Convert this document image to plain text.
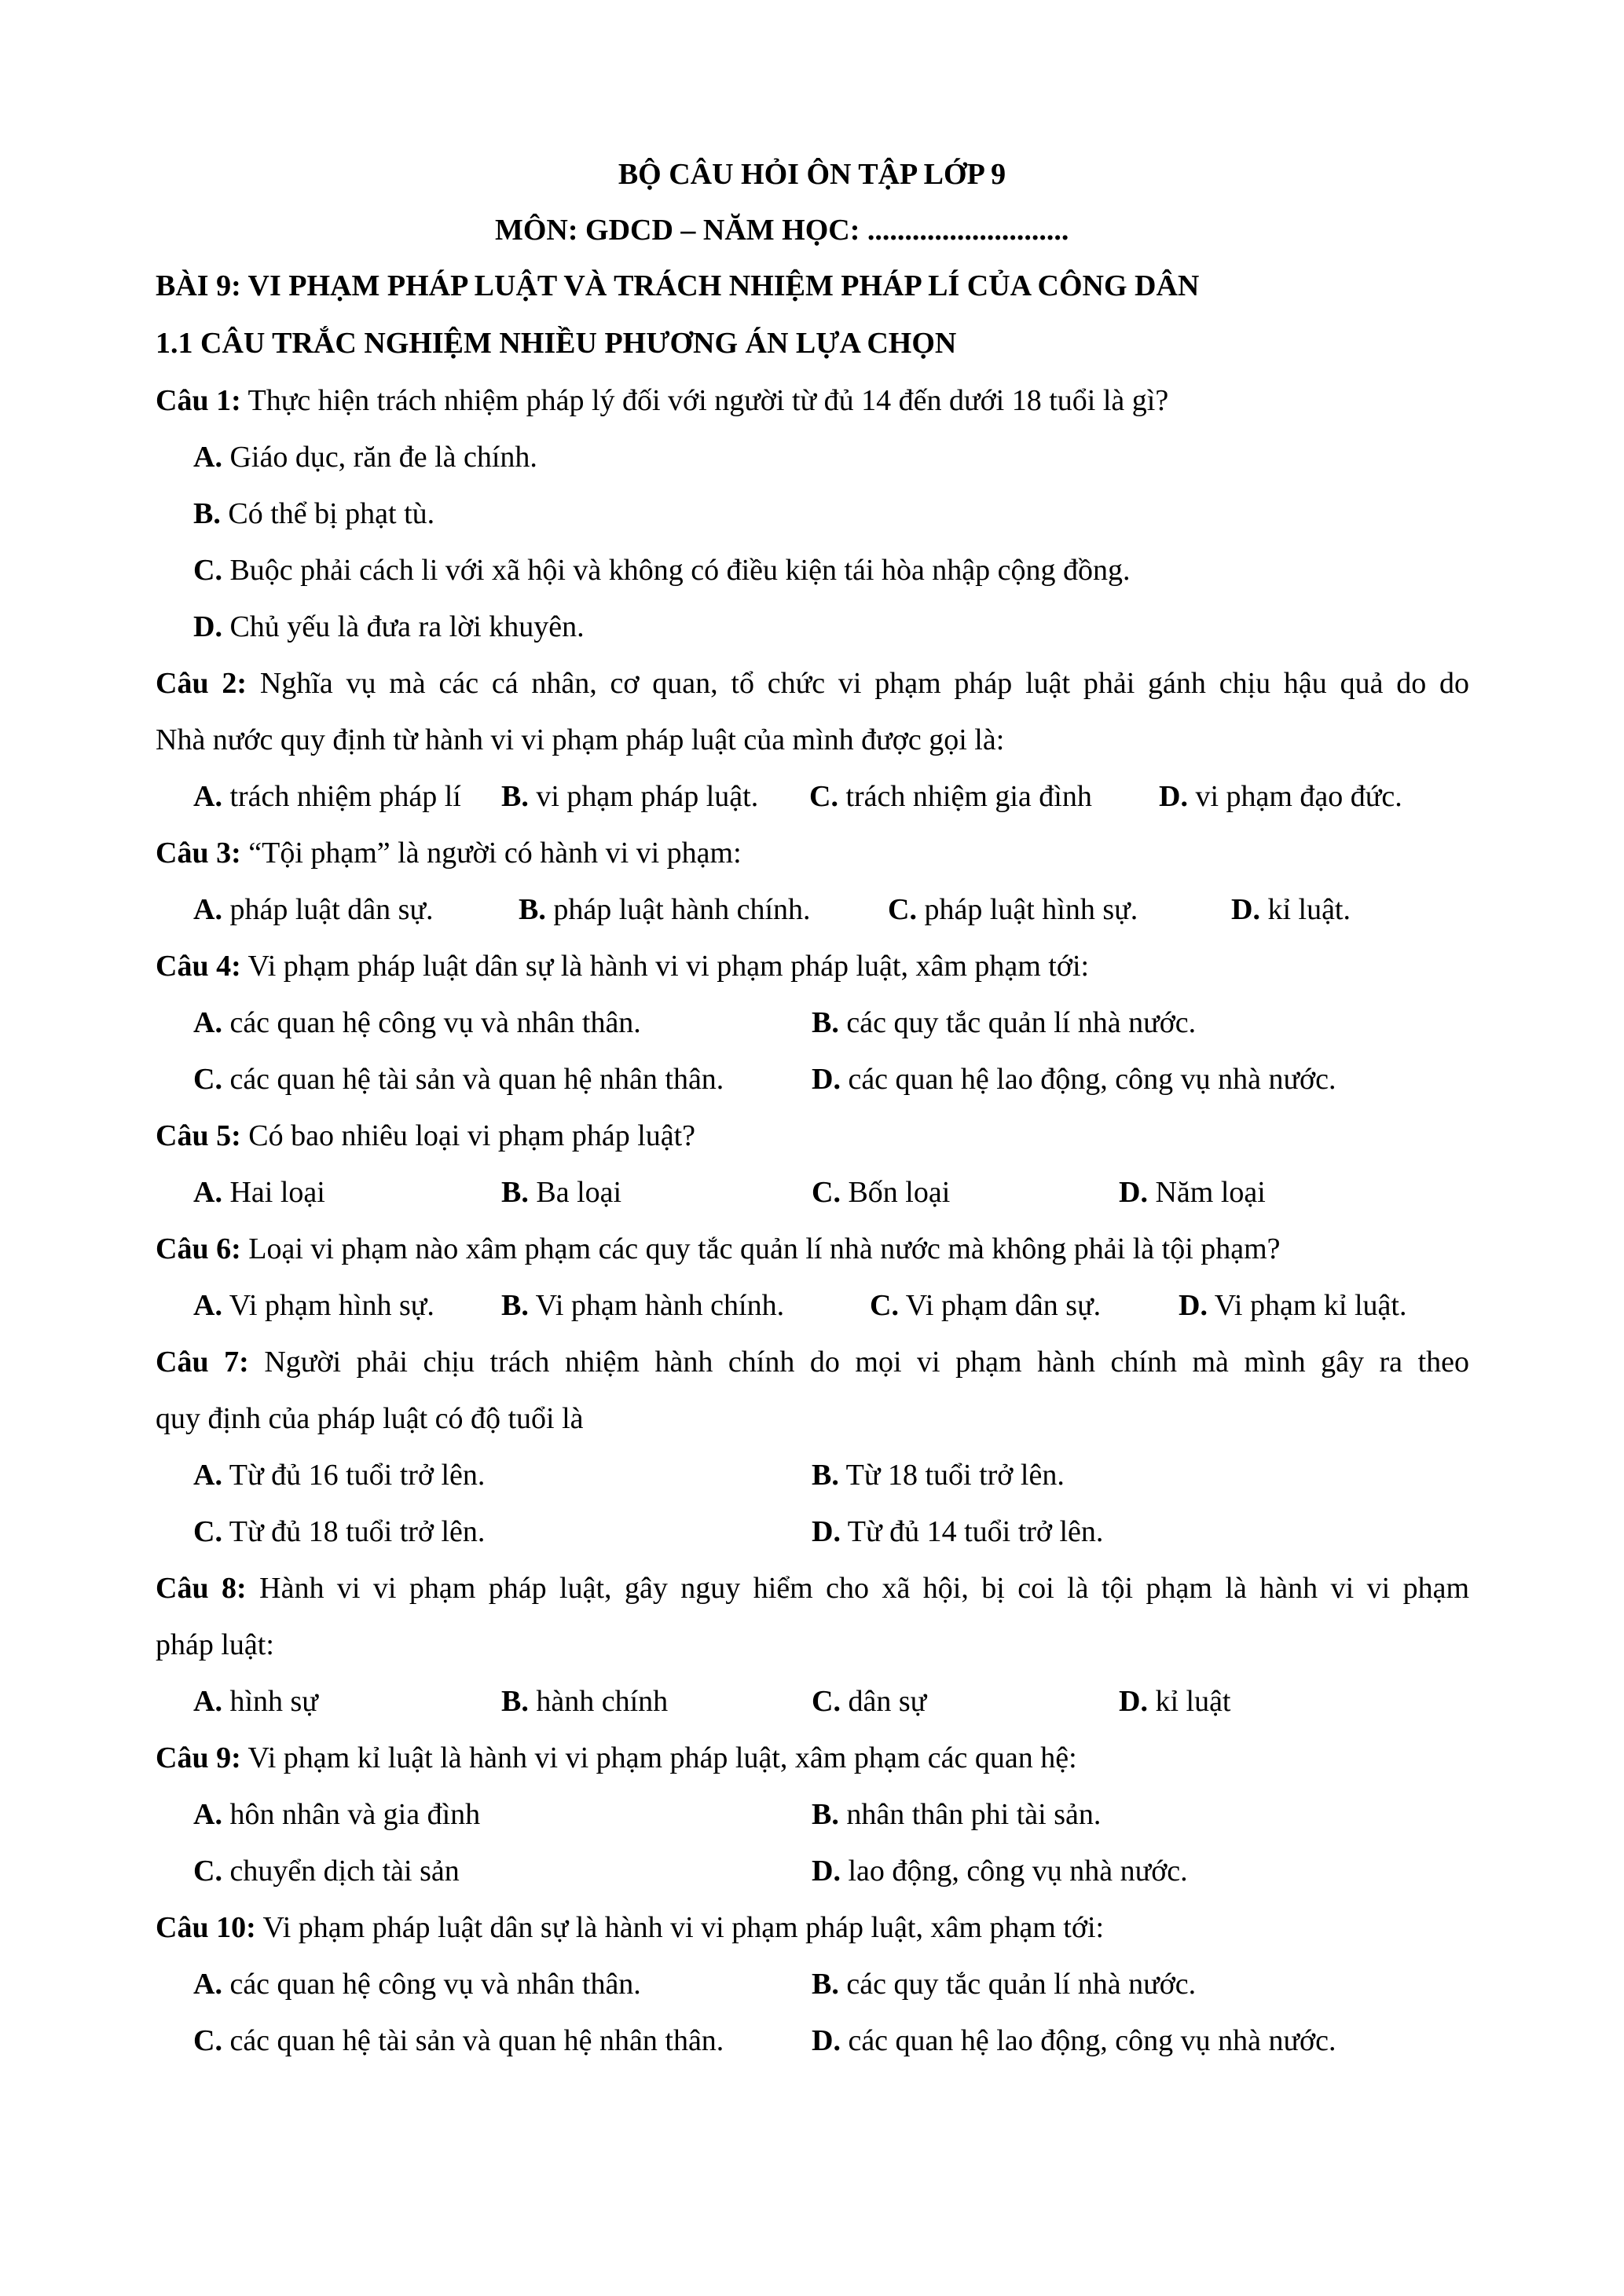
BỘ CÂU HỎI ÔN TẬP LỚP 9
MÔN: GDCD – NĂM HỌC: ...........................
BÀI 9: VI PHẠM PHÁP LUẬT VÀ TRÁCH NHIỆM PHÁP LÍ CỦA CÔNG DÂN
1.1 CÂU TRẮC NGHIỆM NHIỀU PHƯƠNG ÁN LỰA CHỌN
Câu 1: Thực hiện trách nhiệm pháp lý đối với người từ đủ 14 đến dưới 18 tuổi là gì?
A. Giáo dục, răn đe là chính.
B. Có thể bị phạt tù.
C. Buộc phải cách li với xã hội và không có điều kiện tái hòa nhập cộng đồng.
D. Chủ yếu là đưa ra lời khuyên.
Câu 2: Nghĩa vụ mà các cá nhân, cơ quan, tổ chức vi phạm pháp luật phải gánh chịu hậu quả do do
Nhà nước quy định từ hành vi vi phạm pháp luật của mình được gọi là:
A. trách nhiệm pháp lí B. vi phạm pháp luật. C. trách nhiệm gia đình D. vi phạm đạo đức.
Câu 3: “Tội phạm” là người có hành vi vi phạm:
A. pháp luật dân sự.	B. pháp luật hành chính.	C. pháp luật hình sự.	D. kỉ luật.
Câu 4: Vi phạm pháp luật dân sự là hành vi vi phạm pháp luật, xâm phạm tới:
A. các quan hệ công vụ và nhân thân.	B. các quy tắc quản lí nhà nước.
C. các quan hệ tài sản và quan hệ nhân thân.	D. các quan hệ lao động, công vụ nhà nước.
Câu 5: Có bao nhiêu loại vi phạm pháp luật?
A. Hai loại	B. Ba loại	C. Bốn loại	D. Năm loại
Câu 6: Loại vi phạm nào xâm phạm các quy tắc quản lí nhà nước mà không phải là tội phạm?
A. Vi phạm hình sự. B. Vi phạm hành chính.	C. Vi phạm dân sự.	D. Vi phạm kỉ luật.
Câu 7: Người phải chịu trách nhiệm hành chính do mọi vi phạm hành chính mà mình gây ra theo
quy định của pháp luật có độ tuổi là
A. Từ đủ 16 tuổi trở lên.	B. Từ 18 tuổi trở lên.
C. Từ đủ 18 tuổi trở lên.	D. Từ đủ 14 tuổi trở lên.
Câu 8: Hành vi vi phạm pháp luật, gây nguy hiểm cho xã hội, bị coi là tội phạm là hành vi vi phạm
pháp luật:
A. hình sự	B. hành chính	C. dân sự	D. kỉ luật
Câu 9: Vi phạm kỉ luật là hành vi vi phạm pháp luật, xâm phạm các quan hệ:
A. hôn nhân và gia đình	B. nhân thân phi tài sản.
C. chuyển dịch tài sản	D. lao động, công vụ nhà nước.
Câu 10: Vi phạm pháp luật dân sự là hành vi vi phạm pháp luật, xâm phạm tới:
A. các quan hệ công vụ và nhân thân.	B. các quy tắc quản lí nhà nước.
C. các quan hệ tài sản và quan hệ nhân thân.	D. các quan hệ lao động, công vụ nhà nước.
